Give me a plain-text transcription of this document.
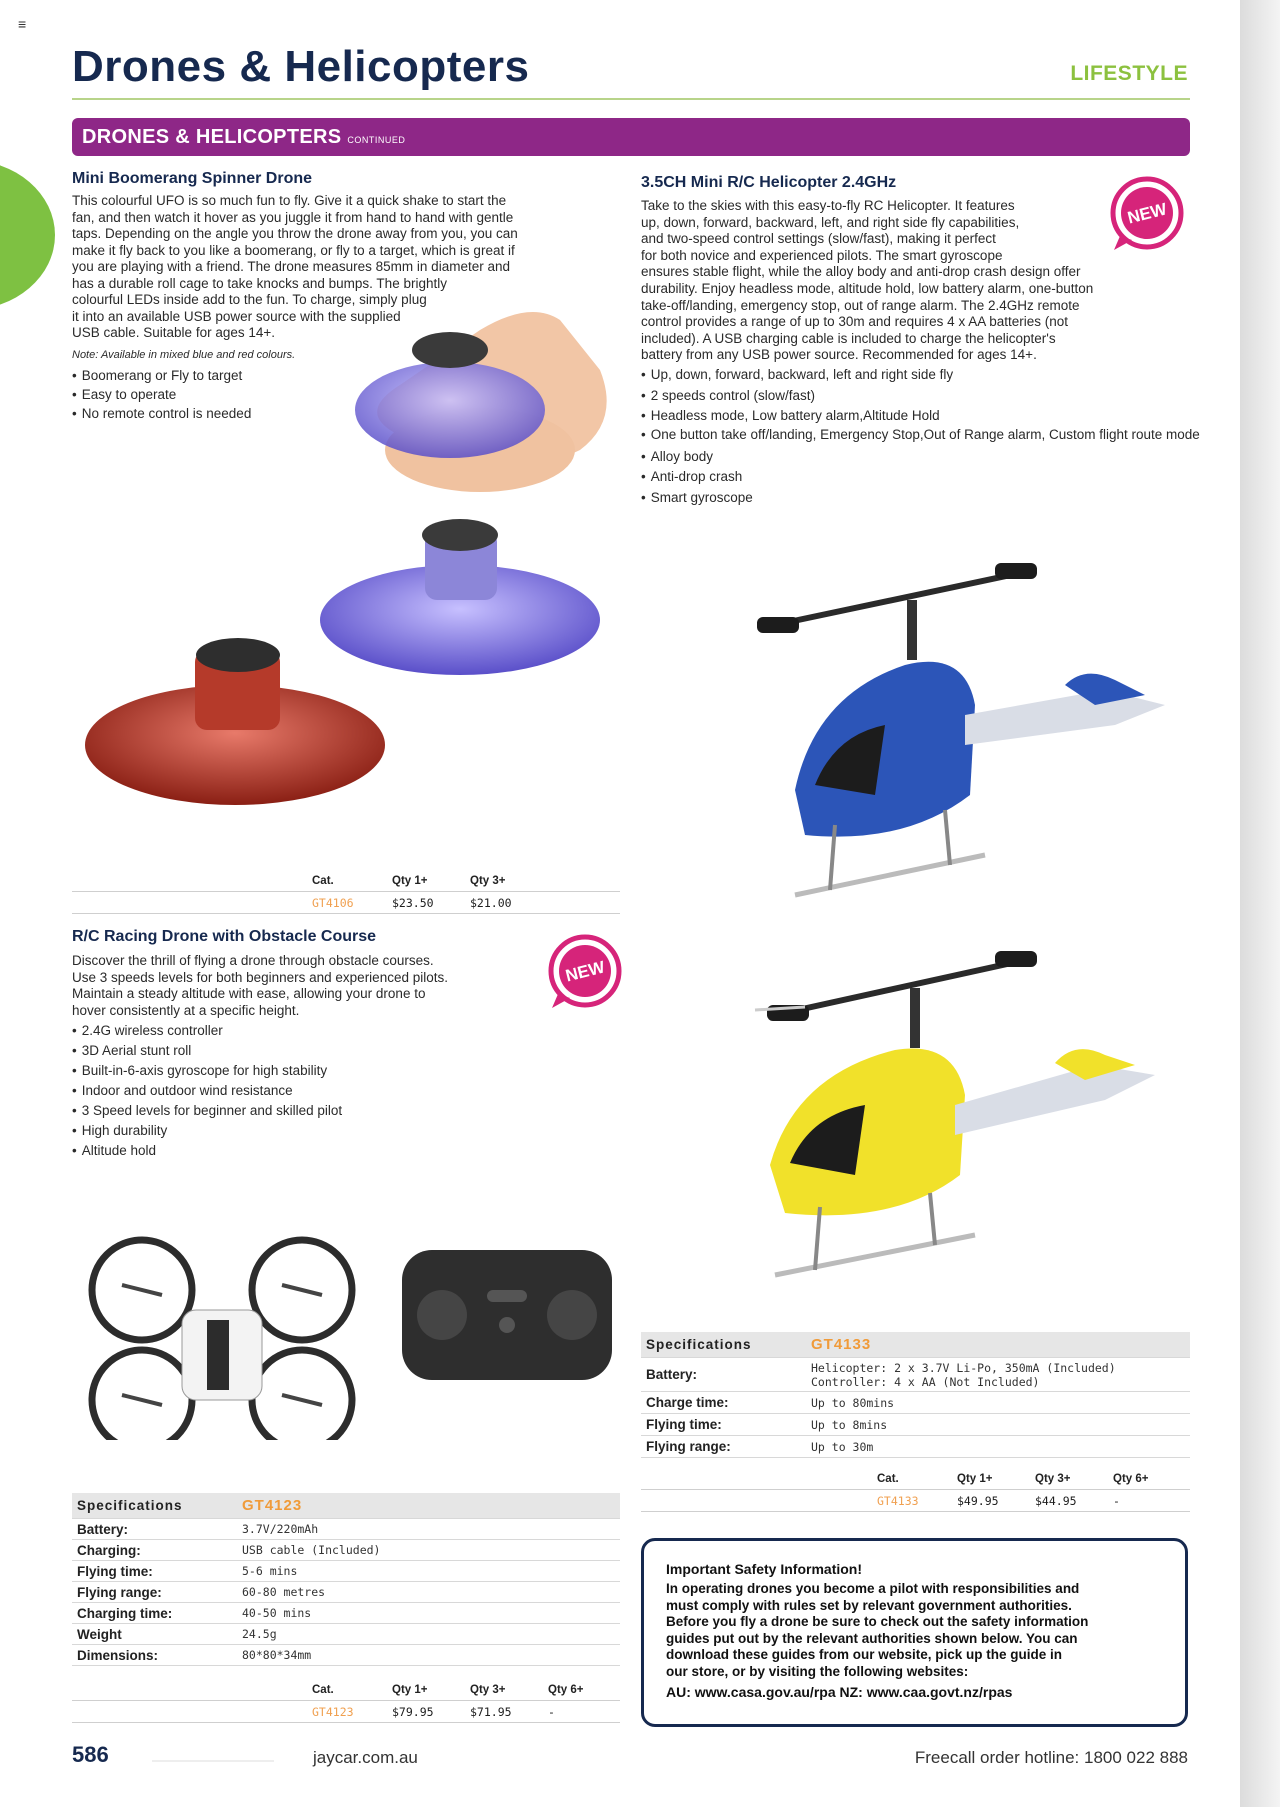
≡
Drones & Helicopters	LIFESTYLE
DRONES & HELICOPTERS CONTINUED
Mini Boomerang Spinner Drone
This colourful UFO is so much fun to fly. Give it a quick shake to start the
fan, and then watch it hover as you juggle it from hand to hand with gentle
taps. Depending on the angle you throw the drone away from you, you can
make it fly back to you like a boomerang, or fly to a target, which is great if
you are playing with a friend. The drone measures 85mm in diameter and
has a durable roll cage to take knocks and bumps. The brightly
colourful LEDs inside add to the fun. To charge, simply plug
it into an available USB power source with the supplied
USB cable. Suitable for ages 14+.
Note: Available in mixed blue and red colours.
• Boomerang or Fly to target
• Easy to operate
• No remote control is needed
Cat.	Qty 1+	Qty 3+
GT4106	$23.50	$21.00
R/C Racing Drone with Obstacle Course
Discover the thrill of flying a drone through obstacle courses.
Use 3 speeds levels for both beginners and experienced pilots.
Maintain a steady altitude with ease, allowing your drone to
hover consistently at a specific height.
• 2.4G wireless controller
• 3D Aerial stunt roll
• Built-in-6-axis gyroscope for high stability
• Indoor and outdoor wind resistance
• 3 Speed levels for beginner and skilled pilot
• High durability
• Altitude hold
NEW
Specifications	GT4123
Battery:	3.7V/220mAh
Charging:	USB cable (Included)
Flying time:	5-6 mins
Flying range:	60-80 metres
Charging time:	40-50 mins
Weight	24.5g
Dimensions:	80*80*34mm
Cat.	Qty 1+	Qty 3+	Qty 6+
GT4123	$79.95	$71.95	-
3.5CH Mini R/C Helicopter 2.4GHz
Take to the skies with this easy-to-fly RC Helicopter. It features
up, down, forward, backward, left, and right side fly capabilities,
and two-speed control settings (slow/fast), making it perfect
for both novice and experienced pilots. The smart gyroscope
ensures stable flight, while the alloy body and anti-drop crash design offer
durability. Enjoy headless mode, altitude hold, low battery alarm, one-button
take-off/landing, emergency stop, out of range alarm. The 2.4GHz remote
control provides a range of up to 30m and requires 4 x AA batteries (not
included). A USB charging cable is included to charge the helicopter's
battery from any USB power source. Recommended for ages 14+.
• Up, down, forward, backward, left and right side fly
• 2 speeds control (slow/fast)
• Headless mode, Low battery alarm,Altitude Hold
• One button take off/landing, Emergency Stop,Out of Range alarm, Custom flight route mode
• Alloy body
• Anti-drop crash
• Smart gyroscope
NEW
Specifications	GT4133
Battery:	Helicopter: 2 x 3.7V Li-Po, 350mA (Included)
Controller: 4 x AA (Not Included)
Charge time:	Up to 80mins
Flying time:	Up to 8mins
Flying range:	Up to 30m
Cat.	Qty 1+	Qty 3+	Qty 6+
GT4133	$49.95	$44.95	-
Important Safety Information!
In operating drones you become a pilot with responsibilities and
must comply with rules set by relevant government authorities.
Before you fly a drone be sure to check out the safety information
guides put out by the relevant authorities shown below. You can
download these guides from our website, pick up the guide in
our store, or by visiting the following websites:
AU: www.casa.gov.au/rpa NZ: www.caa.govt.nz/rpas
586	jaycar.com.au	Freecall order hotline: 1800 022 888
